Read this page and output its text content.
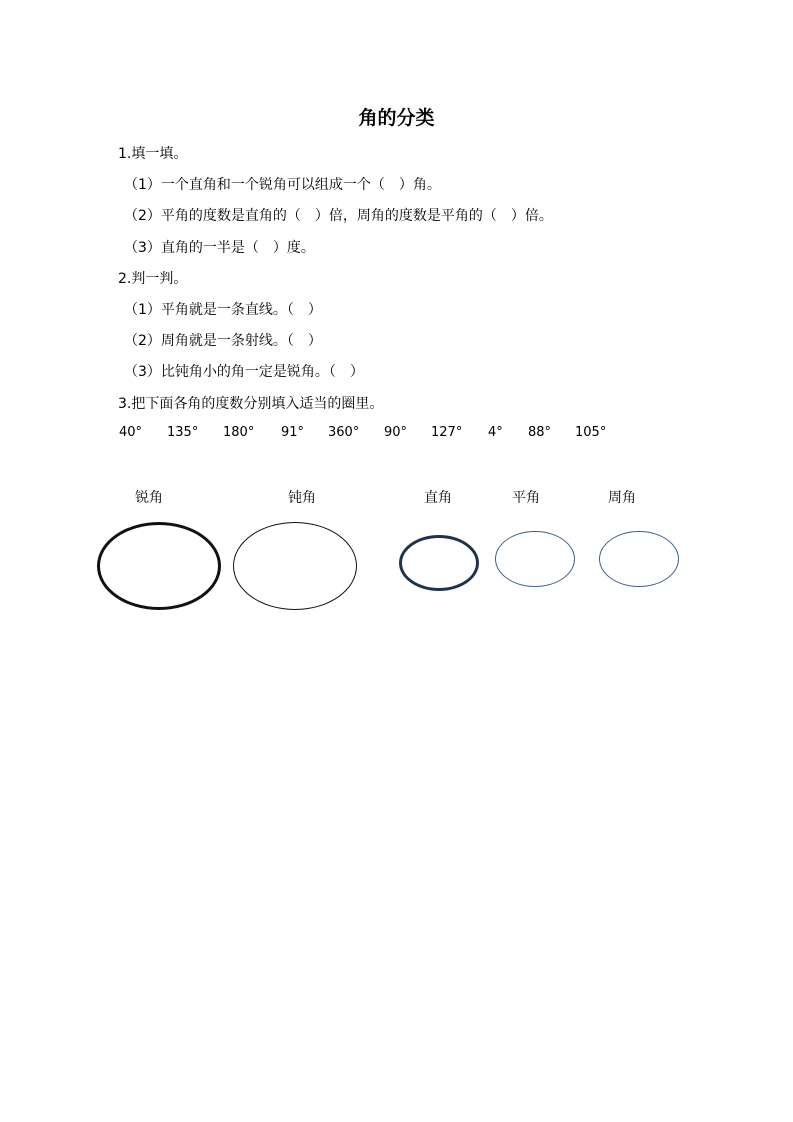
角的分类
1.填一填。
（1）一个直角和一个锐角可以组成一个（　）角。
（2）平角的度数是直角的（　）倍，周角的度数是平角的（　）倍。
（3）直角的一半是（　）度。
2.判一判。
（1）平角就是一条直线。（　）
（2）周角就是一条射线。（　）
（3）比钝角小的角一定是锐角。（　）
3.把下面各角的度数分别填入适当的圈里。
40° 135° 180° 91° 360° 90° 127° 4° 88° 105°
锐角	钝角	直角	平角	周角
